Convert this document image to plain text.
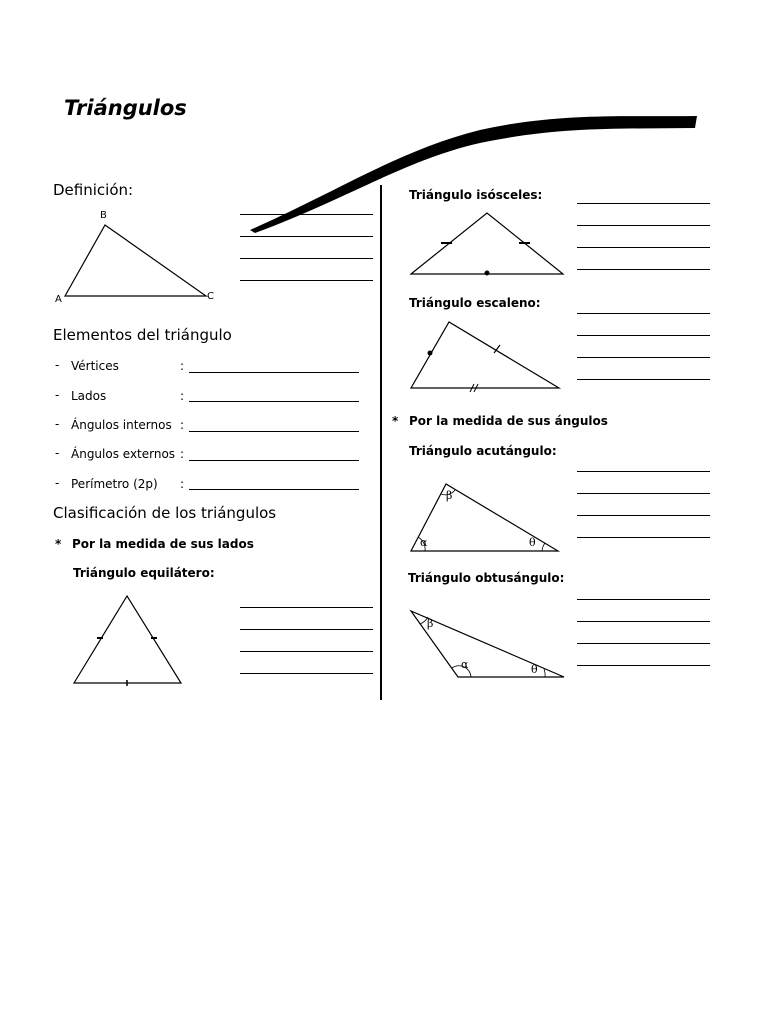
Triángulos
Definición:
B
A	C
Elementos del triángulo
- Vértices	:
- Lados	:
- Ángulos internos :
- Ángulos externos :
- Perímetro (2p) :
Clasificación de los triángulos
* Por la medida de sus lados
Triángulo equilátero:
Triángulo isósceles:
Triángulo escaleno:
* Por la medida de sus ángulos
Triángulo acutángulo:
β
α	θ
Triángulo obtusángulo:
β
α	θ
